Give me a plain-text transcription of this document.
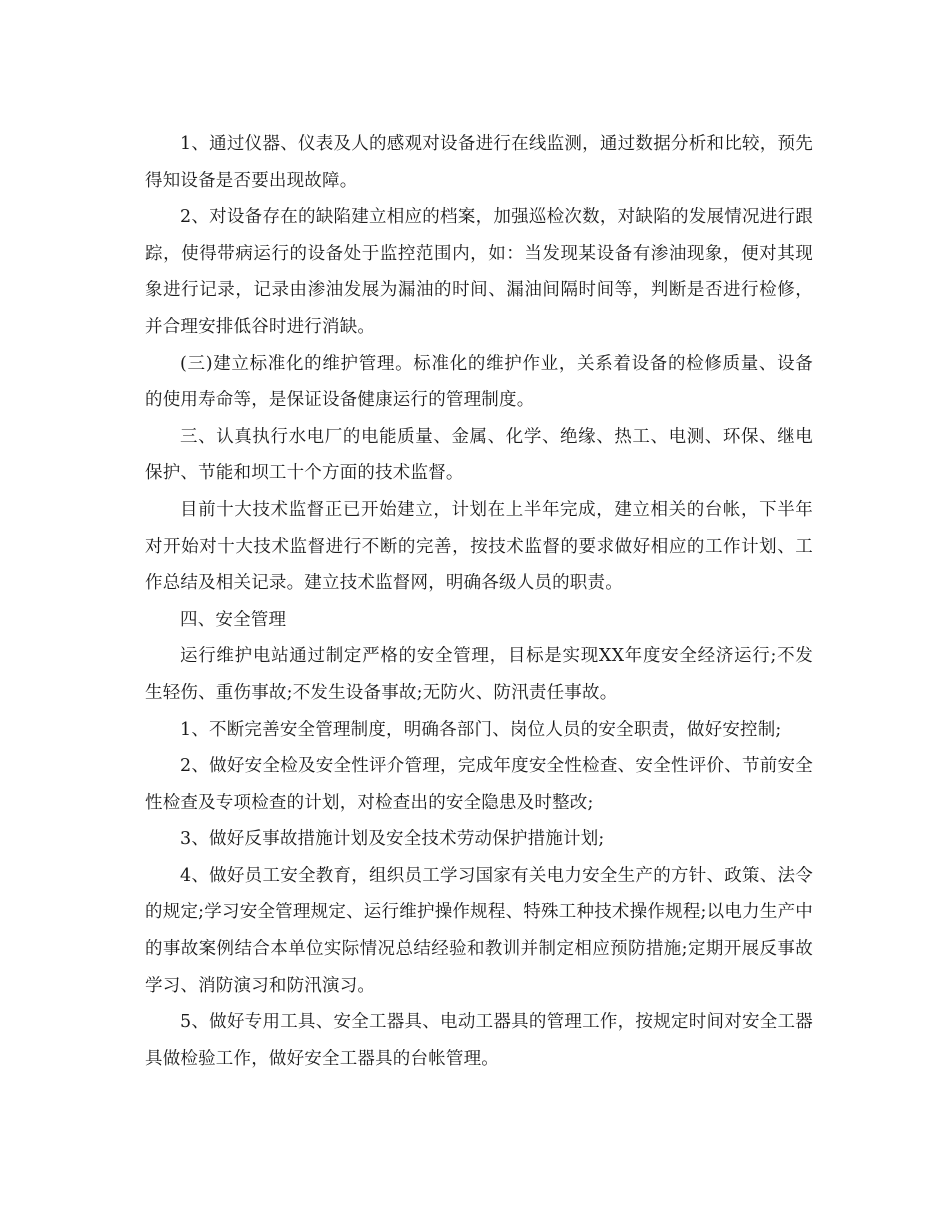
1、通过仪器、仪表及人的感观对设备进行在线监测，通过数据分析和比较，预先得知设备是否要出现故障。

2、对设备存在的缺陷建立相应的档案，加强巡检次数，对缺陷的发展情况进行跟踪，使得带病运行的设备处于监控范围内，如：当发现某设备有渗油现象，便对其现象进行记录，记录由渗油发展为漏油的时间、漏油间隔时间等，判断是否进行检修，并合理安排低谷时进行消缺。

(三)建立标准化的维护管理。标准化的维护作业，关系着设备的检修质量、设备的使用寿命等，是保证设备健康运行的管理制度。

三、认真执行水电厂的电能质量、金属、化学、绝缘、热工、电测、环保、继电保护、节能和坝工十个方面的技术监督。

目前十大技术监督正已开始建立，计划在上半年完成，建立相关的台帐，下半年对开始对十大技术监督进行不断的完善，按技术监督的要求做好相应的工作计划、工作总结及相关记录。建立技术监督网，明确各级人员的职责。

四、安全管理

运行维护电站通过制定严格的安全管理，目标是实现XX年度安全经济运行;不发生轻伤、重伤事故;不发生设备事故;无防火、防汛责任事故。

1、不断完善安全管理制度，明确各部门、岗位人员的安全职责，做好安控制;

2、做好安全检及安全性评介管理，完成年度安全性检查、安全性评价、节前安全性检查及专项检查的计划，对检查出的安全隐患及时整改;

3、做好反事故措施计划及安全技术劳动保护措施计划;

4、做好员工安全教育，组织员工学习国家有关电力安全生产的方针、政策、法令的规定;学习安全管理规定、运行维护操作规程、特殊工种技术操作规程;以电力生产中的事故案例结合本单位实际情况总结经验和教训并制定相应预防措施;定期开展反事故学习、消防演习和防汛演习。

5、做好专用工具、安全工器具、电动工器具的管理工作，按规定时间对安全工器具做检验工作，做好安全工器具的台帐管理。
